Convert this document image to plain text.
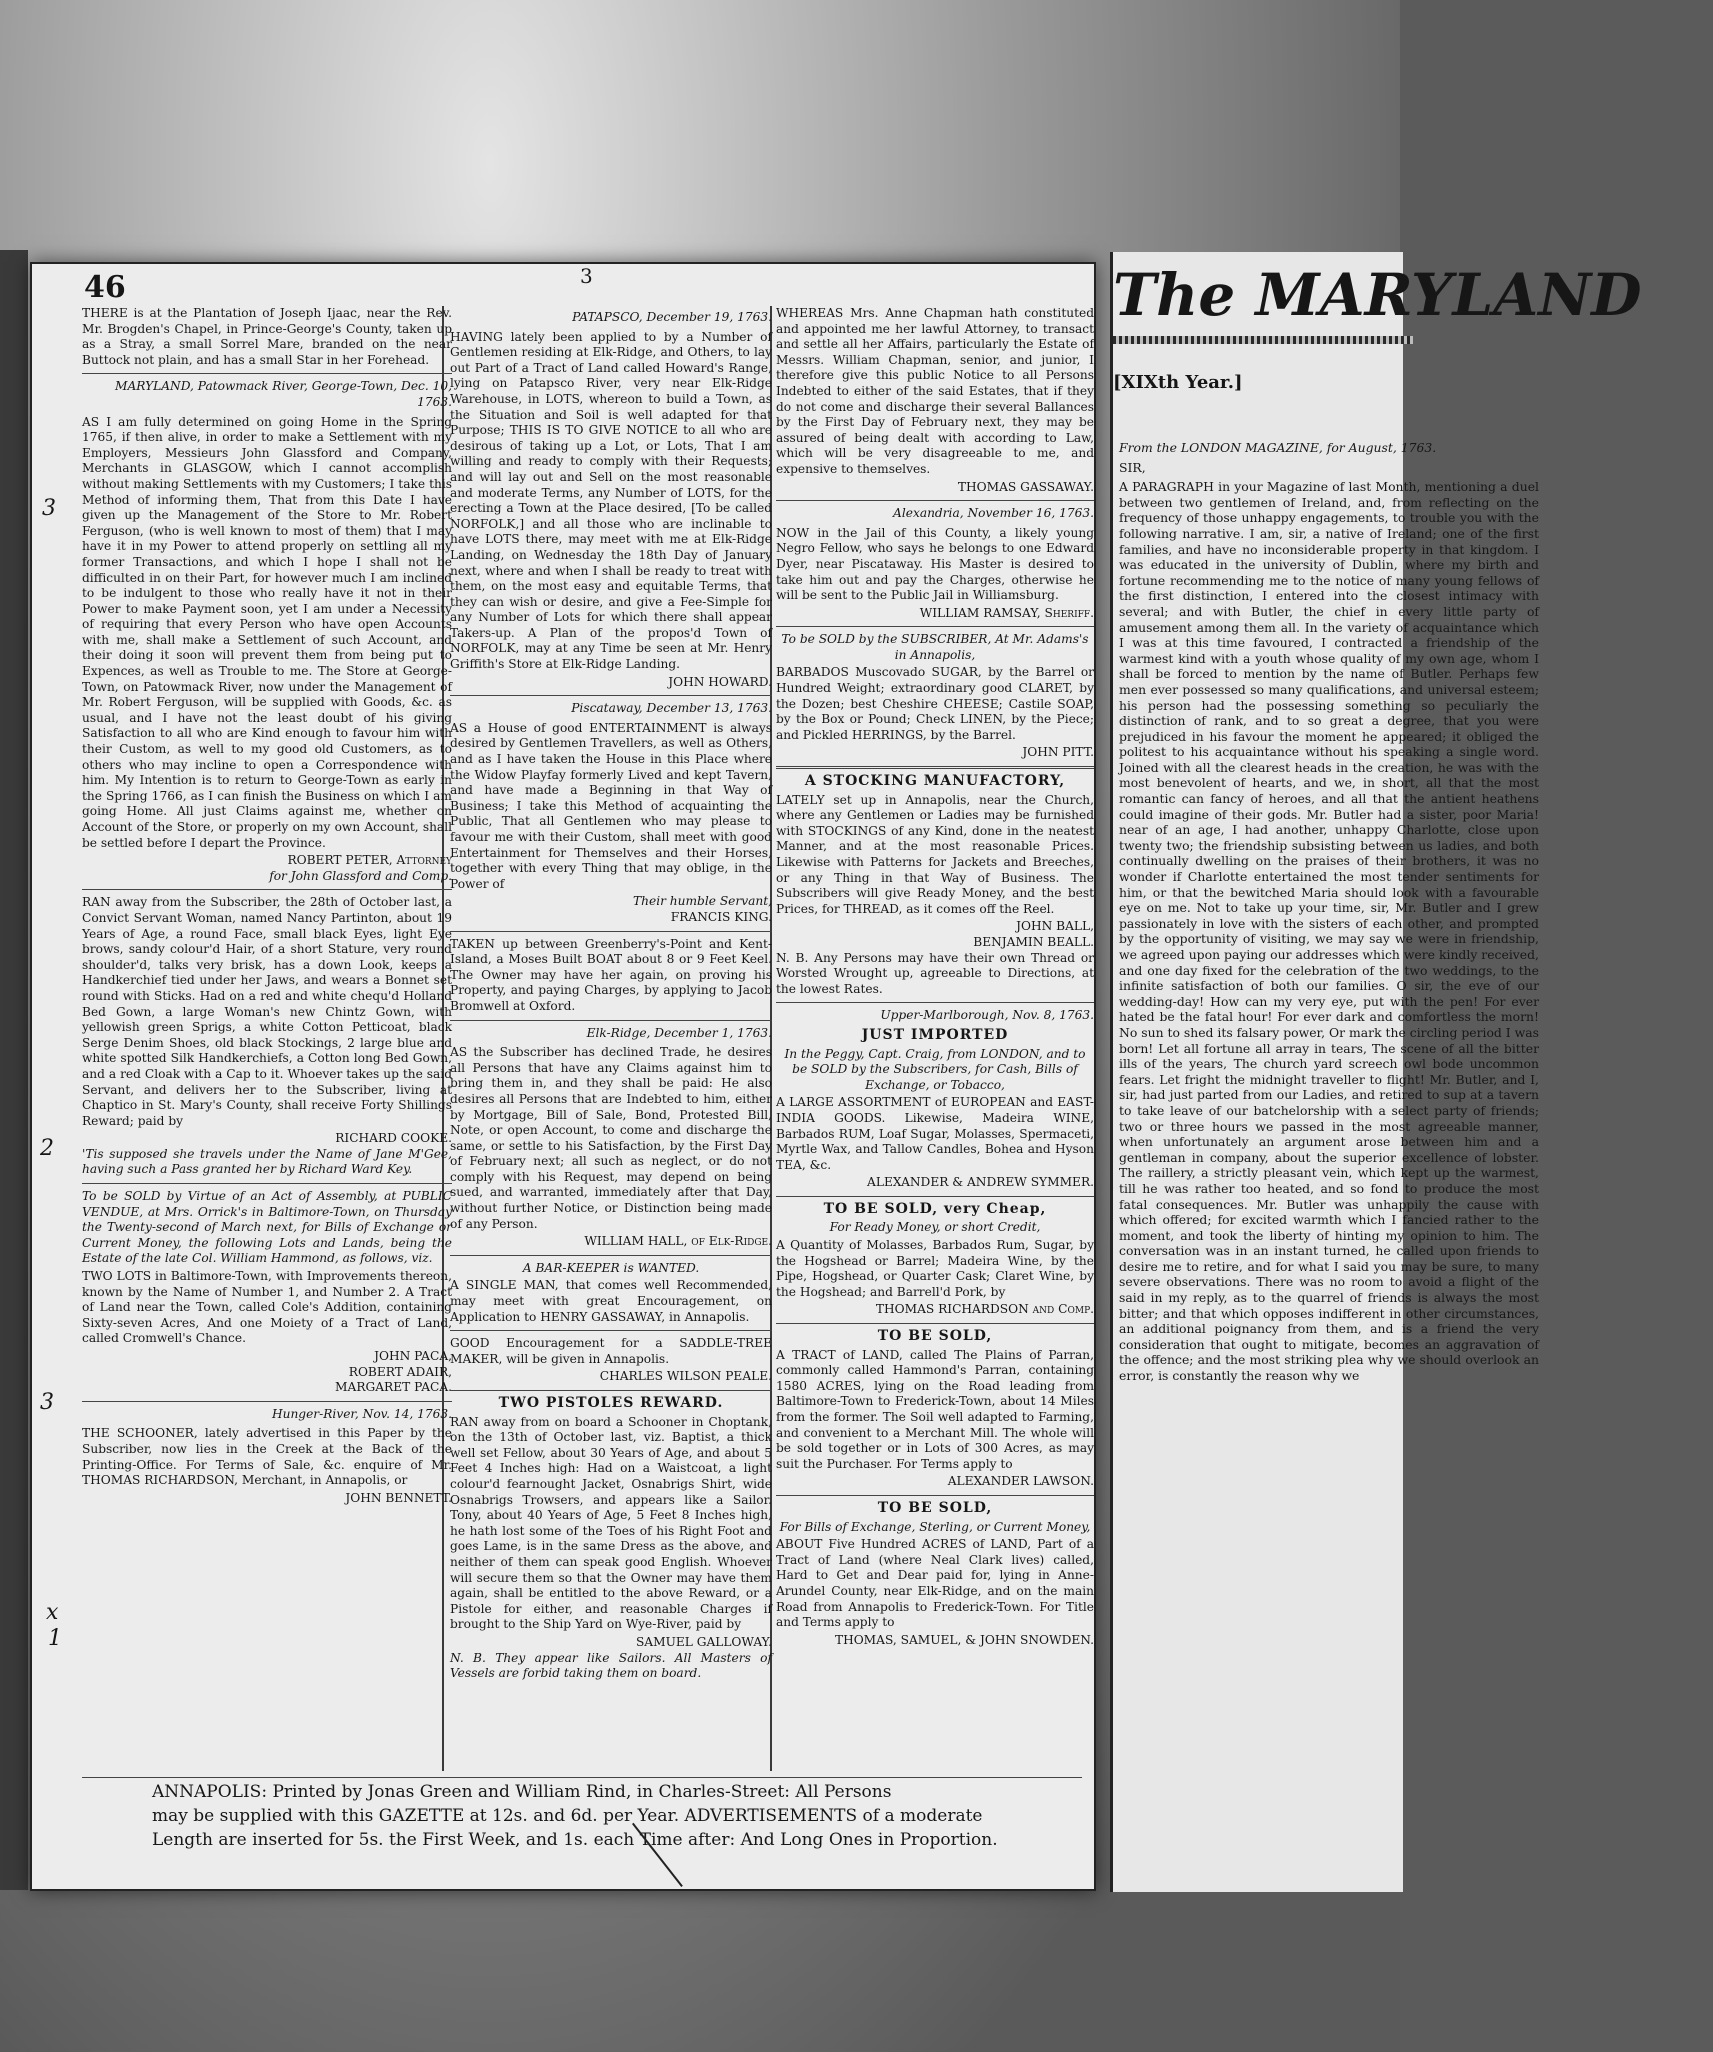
46	3
3
2
3
x
1

THERE is at the Plantation of Joseph Ijaac, near the Rev. Mr. Brogden's Chapel, in Prince-George's County, taken up as a Stray, a small Sorrel Mare, branded on the near Buttock not plain, and has a small Star in her Forehead.

MARYLAND, Patowmack River, George-Town, Dec. 10, 1763.

AS I am fully determined on going Home in the Spring 1765, if then alive, in order to make a Settlement with my Employers, Messieurs John Glassford and Company, Merchants in GLASGOW, which I cannot accomplish without making Settlements with my Customers; I take this Method of informing them, That from this Date I have given up the Management of the Store to Mr. Robert Ferguson, (who is well known to most of them) that I may have it in my Power to attend properly on settling all my former Transactions, and which I hope I shall not be difficulted in on their Part, for however much I am inclined to be indulgent to those who really have it not in their Power to make Payment soon, yet I am under a Necessity of requiring that every Person who have open Accounts with me, shall make a Settlement of such Account, and their doing it soon will prevent them from being put to Expences, as well as Trouble to me. The Store at George-Town, on Patowmack River, now under the Management of Mr. Robert Ferguson, will be supplied with Goods, &c. as usual, and I have not the least doubt of his giving Satisfaction to all who are Kind enough to favour him with their Custom, as well to my good old Customers, as to others who may incline to open a Correspondence with him. My Intention is to return to George-Town as early in the Spring 1766, as I can finish the Business on which I am going Home. All just Claims against me, whether on Account of the Store, or properly on my own Account, shall be settled before I depart the Province.

ROBERT PETER, Attorney
for John Glassford and Comp.

RAN away from the Subscriber, the 28th of October last, a Convict Servant Woman, named Nancy Partinton, about 19 Years of Age, a round Face, small black Eyes, light Eye brows, sandy colour'd Hair, of a short Stature, very round shoulder'd, talks very brisk, has a down Look, keeps a Handkerchief tied under her Jaws, and wears a Bonnet set round with Sticks. Had on a red and white chequ'd Holland Bed Gown, a large Woman's new Chintz Gown, with yellowish green Sprigs, a white Cotton Petticoat, black Serge Denim Shoes, old black Stockings, 2 large blue and white spotted Silk Handkerchiefs, a Cotton long Bed Gown, and a red Cloak with a Cap to it. Whoever takes up the said Servant, and delivers her to the Subscriber, living at Chaptico in St. Mary's County, shall receive Forty Shillings Reward; paid by

RICHARD COOKE.

'Tis supposed she travels under the Name of Jane M'Gee, having such a Pass granted her by Richard Ward Key.

To be SOLD by Virtue of an Act of Assembly, at PUBLIC VENDUE, at Mrs. Orrick's in Baltimore-Town, on Thursday the Twenty-second of March next, for Bills of Exchange or Current Money, the following Lots and Lands, being the Estate of the late Col. William Hammond, as follows, viz.

TWO LOTS in Baltimore-Town, with Improvements thereon, known by the Name of Number 1, and Number 2. A Tract of Land near the Town, called Cole's Addition, containing Sixty-seven Acres, And one Moiety of a Tract of Land, called Cromwell's Chance.

JOHN PACA,
ROBERT ADAIR,
MARGARET PACA.
Hunger-River, Nov. 14, 1763.

THE SCHOONER, lately advertised in this Paper by the Subscriber, now lies in the Creek at the Back of the Printing-Office. For Terms of Sale, &c. enquire of Mr. THOMAS RICHARDSON, Merchant, in Annapolis, or

JOHN BENNETT.
PATAPSCO, December 19, 1763.

HAVING lately been applied to by a Number of Gentlemen residing at Elk-Ridge, and Others, to lay out Part of a Tract of Land called Howard's Range, lying on Patapsco River, very near Elk-Ridge Warehouse, in LOTS, whereon to build a Town, as the Situation and Soil is well adapted for that Purpose; THIS IS TO GIVE NOTICE to all who are desirous of taking up a Lot, or Lots, That I am willing and ready to comply with their Requests; and will lay out and Sell on the most reasonable and moderate Terms, any Number of LOTS, for the erecting a Town at the Place desired, [To be called NORFOLK,] and all those who are inclinable to have LOTS there, may meet with me at Elk-Ridge Landing, on Wednesday the 18th Day of January next, where and when I shall be ready to treat with them, on the most easy and equitable Terms, that they can wish or desire, and give a Fee-Simple for any Number of Lots for which there shall appear Takers-up. A Plan of the propos'd Town of NORFOLK, may at any Time be seen at Mr. Henry Griffith's Store at Elk-Ridge Landing.

JOHN HOWARD.
Piscataway, December 13, 1763.

AS a House of good ENTERTAINMENT is always desired by Gentlemen Travellers, as well as Others, and as I have taken the House in this Place where the Widow Playfay formerly Lived and kept Tavern, and have made a Beginning in that Way of Business; I take this Method of acquainting the Public, That all Gentlemen who may please to favour me with their Custom, shall meet with good Entertainment for Themselves and their Horses, together with every Thing that may oblige, in the Power of

Their humble Servant,
FRANCIS KING.

TAKEN up between Greenberry's-Point and Kent-Island, a Moses Built BOAT about 8 or 9 Feet Keel. The Owner may have her again, on proving his Property, and paying Charges, by applying to Jacob Bromwell at Oxford.

Elk-Ridge, December 1, 1763.

AS the Subscriber has declined Trade, he desires all Persons that have any Claims against him to bring them in, and they shall be paid: He also desires all Persons that are Indebted to him, either by Mortgage, Bill of Sale, Bond, Protested Bill, Note, or open Account, to come and discharge the same, or settle to his Satisfaction, by the First Day of February next; all such as neglect, or do not comply with his Request, may depend on being sued, and warranted, immediately after that Day, without further Notice, or Distinction being made of any Person.

WILLIAM HALL, of Elk-Ridge.
A BAR-KEEPER is WANTED.

A SINGLE MAN, that comes well Recommended, may meet with great Encouragement, on Application to HENRY GASSAWAY, in Annapolis.

GOOD Encouragement for a SADDLE-TREE MAKER, will be given in Annapolis.

CHARLES WILSON PEALE.
TWO PISTOLES REWARD.

RAN away from on board a Schooner in Choptank, on the 13th of October last, viz. Baptist, a thick well set Fellow, about 30 Years of Age, and about 5 Feet 4 Inches high: Had on a Waistcoat, a light colour'd fearnought Jacket, Osnabrigs Shirt, wide Osnabrigs Trowsers, and appears like a Sailor. Tony, about 40 Years of Age, 5 Feet 8 Inches high, he hath lost some of the Toes of his Right Foot and goes Lame, is in the same Dress as the above, and neither of them can speak good English. Whoever will secure them so that the Owner may have them again, shall be entitled to the above Reward, or a Pistole for either, and reasonable Charges if brought to the Ship Yard on Wye-River, paid by

SAMUEL GALLOWAY.

N. B. They appear like Sailors. All Masters of Vessels are forbid taking them on board.

WHEREAS Mrs. Anne Chapman hath constituted and appointed me her lawful Attorney, to transact and settle all her Affairs, particularly the Estate of Messrs. William Chapman, senior, and junior, I therefore give this public Notice to all Persons Indebted to either of the said Estates, that if they do not come and discharge their several Ballances by the First Day of February next, they may be assured of being dealt with according to Law, which will be very disagreeable to me, and expensive to themselves.

THOMAS GASSAWAY.
Alexandria, November 16, 1763.

NOW in the Jail of this County, a likely young Negro Fellow, who says he belongs to one Edward Dyer, near Piscataway. His Master is desired to take him out and pay the Charges, otherwise he will be sent to the Public Jail in Williamsburg.

WILLIAM RAMSAY, Sheriff.
To be SOLD by the SUBSCRIBER, At Mr. Adams's in Annapolis,

BARBADOS Muscovado SUGAR, by the Barrel or Hundred Weight; extraordinary good CLARET, by the Dozen; best Cheshire CHEESE; Castile SOAP, by the Box or Pound; Check LINEN, by the Piece; and Pickled HERRINGS, by the Barrel.

JOHN PITT.
A STOCKING MANUFACTORY,

LATELY set up in Annapolis, near the Church, where any Gentlemen or Ladies may be furnished with STOCKINGS of any Kind, done in the neatest Manner, and at the most reasonable Prices. Likewise with Patterns for Jackets and Breeches, or any Thing in that Way of Business. The Subscribers will give Ready Money, and the best Prices, for THREAD, as it comes off the Reel.

JOHN BALL,
BENJAMIN BEALL.

N. B. Any Persons may have their own Thread or Worsted Wrought up, agreeable to Directions, at the lowest Rates.

Upper-Marlborough, Nov. 8, 1763.
JUST IMPORTED
In the Peggy, Capt. Craig, from LONDON, and to be SOLD by the Subscribers, for Cash, Bills of Exchange, or Tobacco,

A LARGE ASSORTMENT of EUROPEAN and EAST-INDIA GOODS. Likewise, Madeira WINE, Barbados RUM, Loaf Sugar, Molasses, Spermaceti, Myrtle Wax, and Tallow Candles, Bohea and Hyson TEA, &c.

ALEXANDER & ANDREW SYMMER.
TO BE SOLD, very Cheap,
For Ready Money, or short Credit,

A Quantity of Molasses, Barbados Rum, Sugar, by the Hogshead or Barrel; Madeira Wine, by the Pipe, Hogshead, or Quarter Cask; Claret Wine, by the Hogshead; and Barrell'd Pork, by

THOMAS RICHARDSON and Comp.
TO BE SOLD,

A TRACT of LAND, called The Plains of Parran, commonly called Hammond's Parran, containing 1580 ACRES, lying on the Road leading from Baltimore-Town to Frederick-Town, about 14 Miles from the former. The Soil well adapted to Farming, and convenient to a Merchant Mill. The whole will be sold together or in Lots of 300 Acres, as may suit the Purchaser. For Terms apply to

ALEXANDER LAWSON.
TO BE SOLD,
For Bills of Exchange, Sterling, or Current Money,

ABOUT Five Hundred ACRES of LAND, Part of a Tract of Land (where Neal Clark lives) called, Hard to Get and Dear paid for, lying in Anne-Arundel County, near Elk-Ridge, and on the main Road from Annapolis to Frederick-Town. For Title and Terms apply to

THOMAS, SAMUEL, & JOHN SNOWDEN.
ANNAPOLIS: Printed by Jonas Green and William Rind, in Charles-Street: All Persons
may be supplied with this GAZETTE at 12s. and 6d. per Year. ADVERTISEMENTS of a moderate
Length are inserted for 5s. the First Week, and 1s. each Time after: And Long Ones in Proportion.
The MARYLAND
[XIXth Year.]
From the LONDON MAGAZINE, for August, 1763.
SIR,

A PARAGRAPH in your Magazine of last Month, mentioning a duel between two gentlemen of Ireland, and, from reflecting on the frequency of those unhappy engagements, to trouble you with the following narrative. I am, sir, a native of Ireland; one of the first families, and have no inconsiderable property in that kingdom. I was educated in the university of Dublin, where my birth and fortune recommending me to the notice of many young fellows of the first distinction, I entered into the closest intimacy with several; and with Butler, the chief in every little party of amusement among them all. In the variety of acquaintance which I was at this time favoured, I contracted a friendship of the warmest kind with a youth whose quality of my own age, whom I shall be forced to mention by the name of Butler. Perhaps few men ever possessed so many qualifications, and universal esteem; his person had the possessing something so peculiarly the distinction of rank, and to so great a degree, that you were prejudiced in his favour the moment he appeared; it obliged the politest to his acquaintance without his speaking a single word. Joined with all the clearest heads in the creation, he was with the most benevolent of hearts, and we, in short, all that the most romantic can fancy of heroes, and all that the antient heathens could imagine of their gods. Mr. Butler had a sister, poor Maria! near of an age, I had another, unhappy Charlotte, close upon twenty two; the friendship subsisting between us ladies, and both continually dwelling on the praises of their brothers, it was no wonder if Charlotte entertained the most tender sentiments for him, or that the bewitched Maria should look with a favourable eye on me. Not to take up your time, sir, Mr. Butler and I grew passionately in love with the sisters of each other, and prompted by the opportunity of visiting, we may say we were in friendship, we agreed upon paying our addresses which were kindly received, and one day fixed for the celebration of the two weddings, to the infinite satisfaction of both our families. O sir, the eve of our wedding-day! How can my very eye, put with the pen! For ever hated be the fatal hour! For ever dark and comfortless the morn! No sun to shed its falsary power, Or mark the circling period I was born! Let all fortune all array in tears, The scene of all the bitter ills of the years, The church yard screech owl bode uncommon fears. Let fright the midnight traveller to flight! Mr. Butler, and I, sir, had just parted from our Ladies, and retired to sup at a tavern to take leave of our batchelorship with a select party of friends; two or three hours we passed in the most agreeable manner, when unfortunately an argument arose between him and a gentleman in company, about the superior excellence of lobster. The raillery, a strictly pleasant vein, which kept up the warmest, till he was rather too heated, and so fond to produce the most fatal consequences. Mr. Butler was unhappily the cause with which offered; for excited warmth which I fancied rather to the moment, and took the liberty of hinting my opinion to him. The conversation was in an instant turned, he called upon friends to desire me to retire, and for what I said you may be sure, to many severe observations. There was no room to avoid a flight of the said in my reply, as to the quarrel of friends is always the most bitter; and that which opposes indifferent in other circumstances, an additional poignancy from them, and is a friend the very consideration that ought to mitigate, becomes an aggravation of the offence; and the most striking plea why we should overlook an error, is constantly the reason why we
